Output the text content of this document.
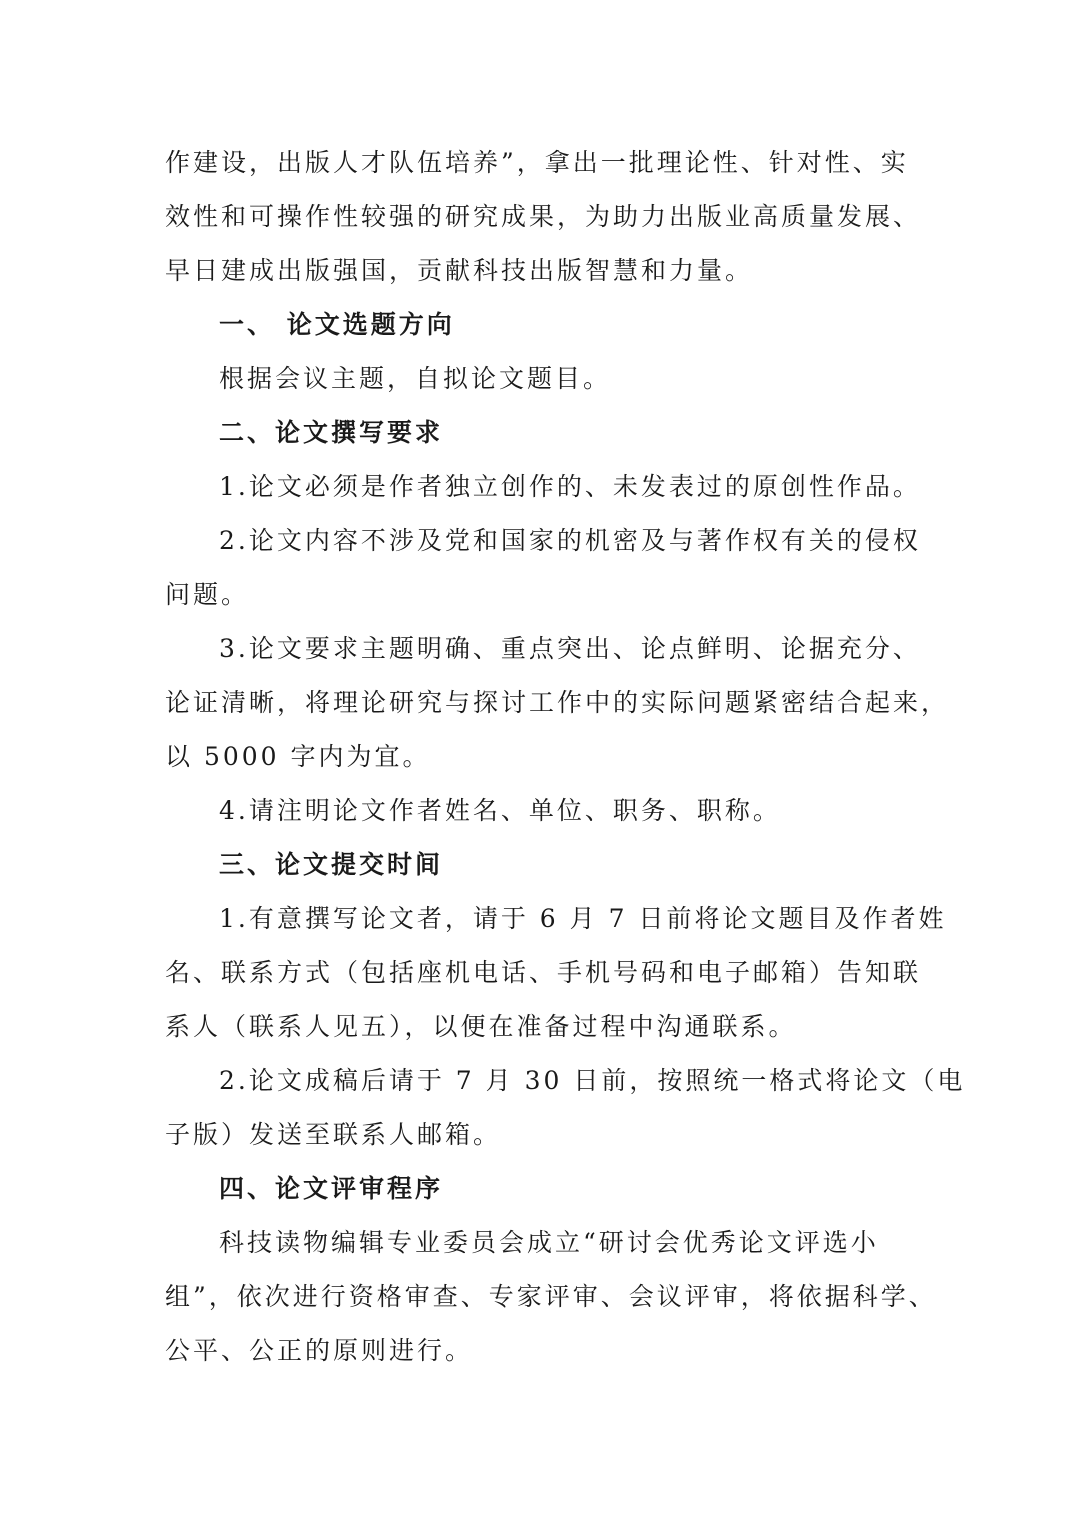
作建设，出版人才队伍培养”，拿出一批理论性、针对性、实
效性和可操作性较强的研究成果，为助力出版业高质量发展、
早日建成出版强国，贡献科技出版智慧和力量。
一、 论文选题方向
根据会议主题，自拟论文题目。
二、论文撰写要求
1.论文必须是作者独立创作的、未发表过的原创性作品。
2.论文内容不涉及党和国家的机密及与著作权有关的侵权
问题。
3.论文要求主题明确、重点突出、论点鲜明、论据充分、
论证清晰，将理论研究与探讨工作中的实际问题紧密结合起来，
以 5000 字内为宜。
4.请注明论文作者姓名、单位、职务、职称。
三、论文提交时间
1.有意撰写论文者，请于 6 月 7 日前将论文题目及作者姓
名、联系方式（包括座机电话、手机号码和电子邮箱）告知联
系人（联系人见五），以便在准备过程中沟通联系。
2.论文成稿后请于 7 月 30 日前，按照统一格式将论文（电
子版）发送至联系人邮箱。
四、论文评审程序
科技读物编辑专业委员会成立“研讨会优秀论文评选小
组”，依次进行资格审查、专家评审、会议评审，将依据科学、
公平、公正的原则进行。
